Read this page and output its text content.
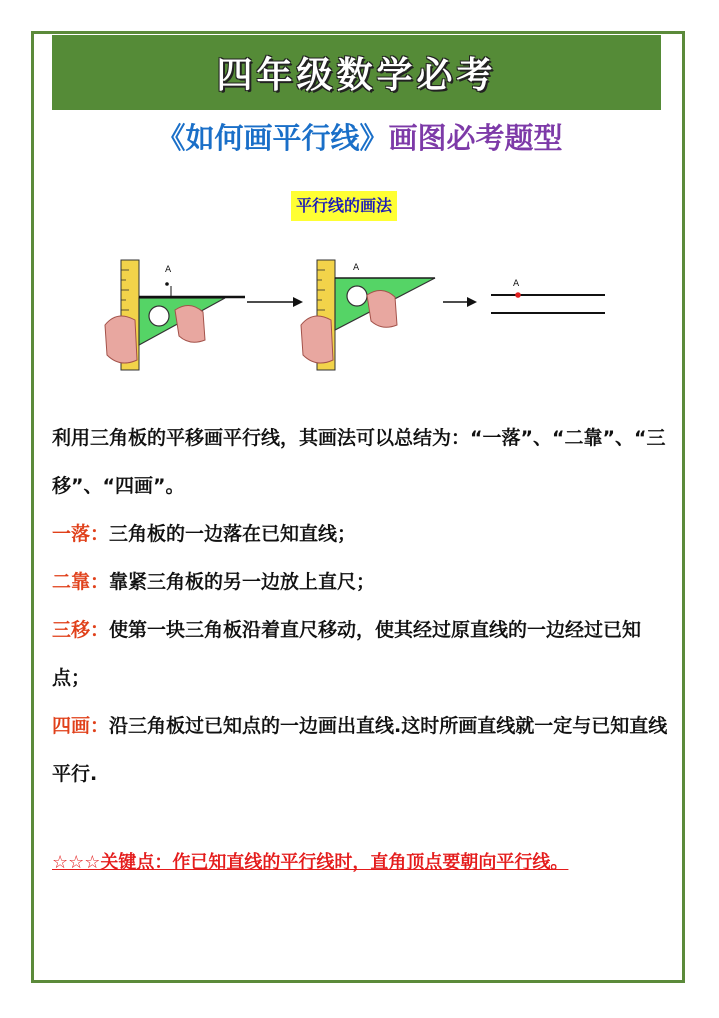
四年级数学必考
《如何画平行线》画图必考题型
平行线的画法
A	A
A
利用三角板的平移画平行线，其画法可以总结为：“一落”、“二靠”、“三移”、“四画”。
一落：三角板的一边落在已知直线；
二靠：靠紧三角板的另一边放上直尺；
三移：使第一块三角板沿着直尺移动，使其经过原直线的一边经过已知点；
四画：沿三角板过已知点的一边画出直线.这时所画直线就一定与已知直线平行.
☆☆☆关键点：作已知直线的平行线时，直角顶点要朝向平行线。
